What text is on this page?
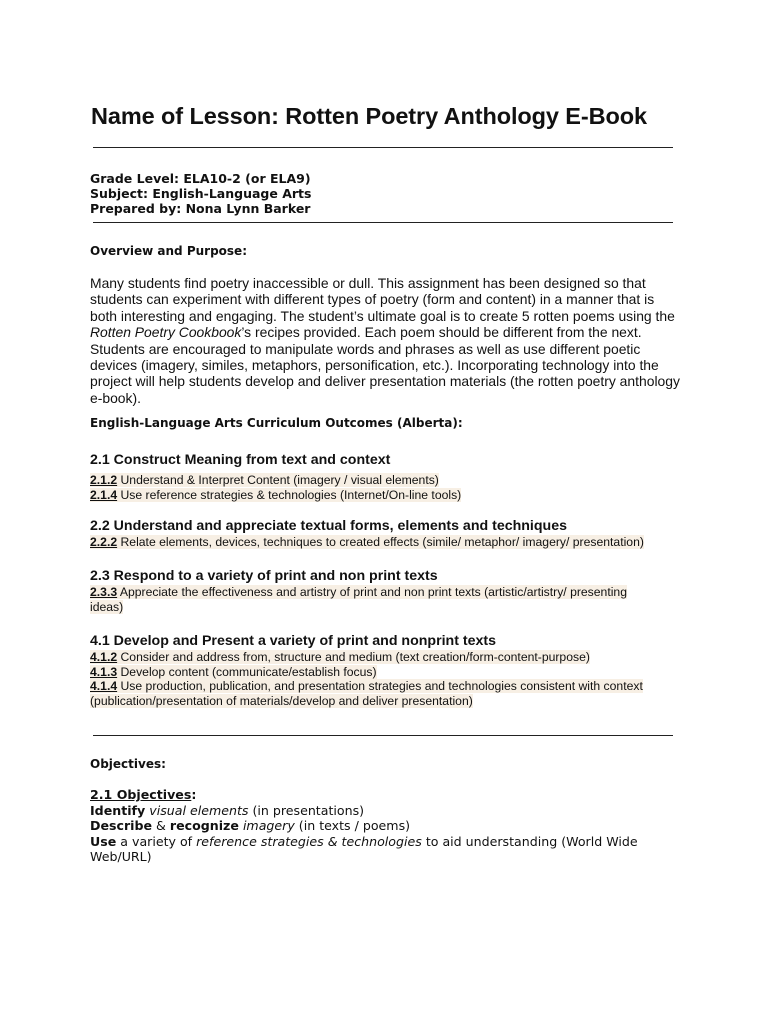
Name of Lesson: Rotten Poetry Anthology E-Book
Grade Level: ELA10-2 (or ELA9)
Subject: English-Language Arts
Prepared by: Nona Lynn Barker
Overview and Purpose:
Many students find poetry inaccessible or dull. This assignment has been designed so that
students can experiment with different types of poetry (form and content) in a manner that is
both interesting and engaging. The student’s ultimate goal is to create 5 rotten poems using the
Rotten Poetry Cookbook’s recipes provided. Each poem should be different from the next.
Students are encouraged to manipulate words and phrases as well as use different poetic
devices (imagery, similes, metaphors, personification, etc.). Incorporating technology into the
project will help students develop and deliver presentation materials (the rotten poetry anthology
e-book).
English-Language Arts Curriculum Outcomes (Alberta):
2.1 Construct Meaning from text and context
2.1.2 Understand & Interpret Content (imagery / visual elements)
2.1.4 Use reference strategies & technologies (Internet/On-line tools)
2.2 Understand and appreciate textual forms, elements and techniques
2.2.2 Relate elements, devices, techniques to created effects (simile/ metaphor/ imagery/ presentation)
2.3 Respond to a variety of print and non print texts
2.3.3 Appreciate the effectiveness and artistry of print and non print texts (artistic/artistry/ presenting
ideas)
4.1 Develop and Present a variety of print and nonprint texts
4.1.2 Consider and address from, structure and medium (text creation/form-content-purpose)
4.1.3 Develop content (communicate/establish focus)
4.1.4 Use production, publication, and presentation strategies and technologies consistent with context
(publication/presentation of materials/develop and deliver presentation)
Objectives:
2.1 Objectives:
Identify visual elements (in presentations)
Describe & recognize imagery (in texts / poems)
Use a variety of reference strategies & technologies to aid understanding (World Wide
Web/URL)
